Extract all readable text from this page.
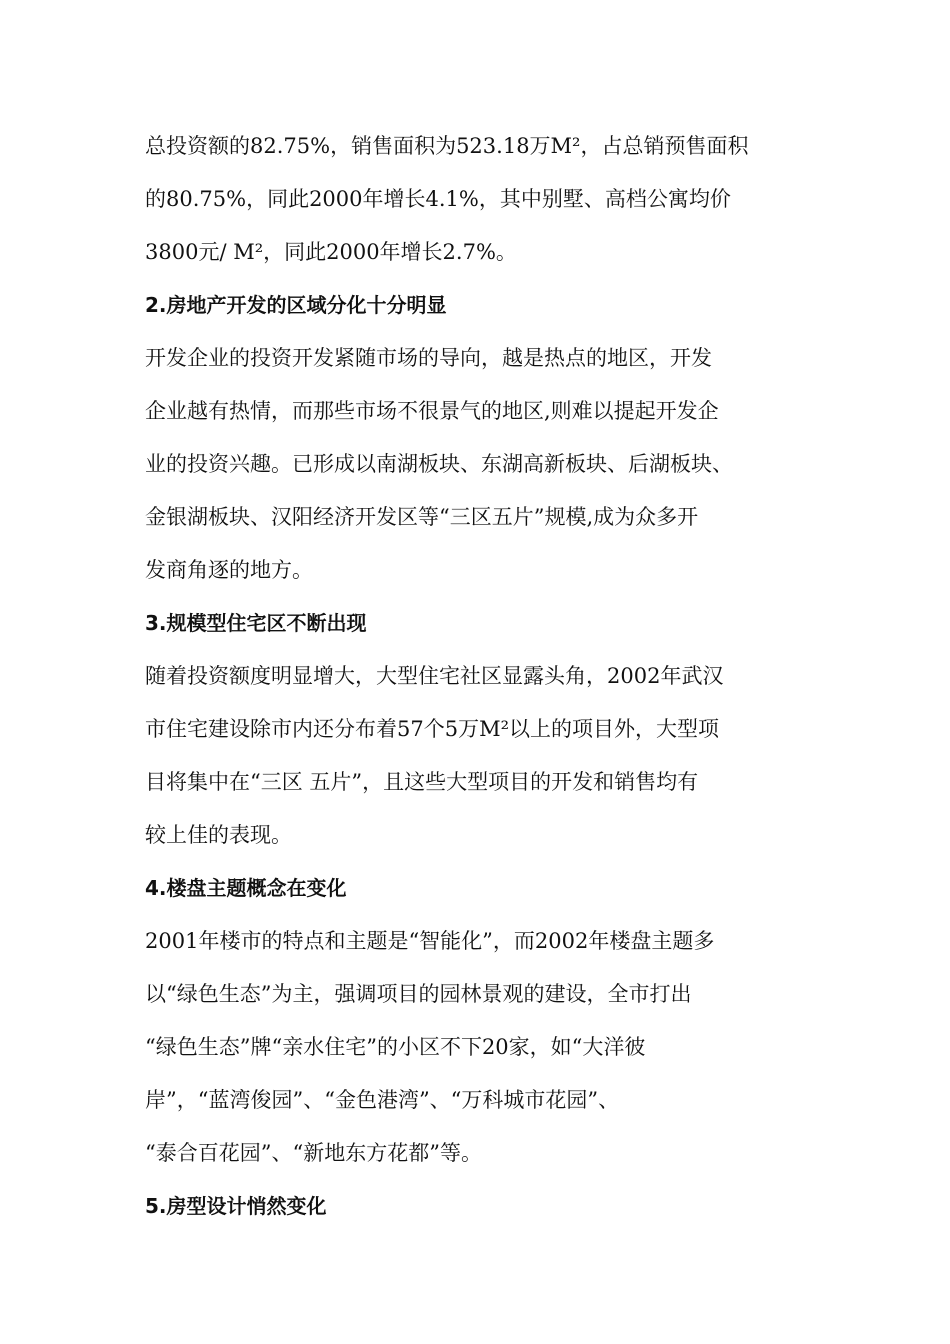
总投资额的82.75%，销售面积为523.18万M²，占总销预售面积
的80.75%，同此2000年增长4.1%，其中别墅、高档公寓均价
3800元/ M²，同此2000年增长2.7%。
2.房地产开发的区域分化十分明显
开发企业的投资开发紧随市场的导向，越是热点的地区，开发
企业越有热情，而那些市场不很景气的地区,则难以提起开发企
业的投资兴趣。已形成以南湖板块、东湖高新板块、后湖板块、
金银湖板块、汉阳经济开发区等“三区五片”规模,成为众多开
发商角逐的地方。
3.规模型住宅区不断出现
随着投资额度明显增大，大型住宅社区显露头角，2002年武汉
市住宅建设除市内还分布着57个5万M²以上的项目外，大型项
目将集中在“三区 五片”，且这些大型项目的开发和销售均有
较上佳的表现。
4.楼盘主题概念在变化
2001年楼市的特点和主题是“智能化”，而2002年楼盘主题多
以“绿色生态”为主，强调项目的园林景观的建设，全市打出
“绿色生态”牌“亲水住宅”的小区不下20家，如“大洋彼
岸”，“蓝湾俊园”、“金色港湾”、“万科城市花园”、
“泰合百花园”、“新地东方花都”等。
5.房型设计悄然变化
